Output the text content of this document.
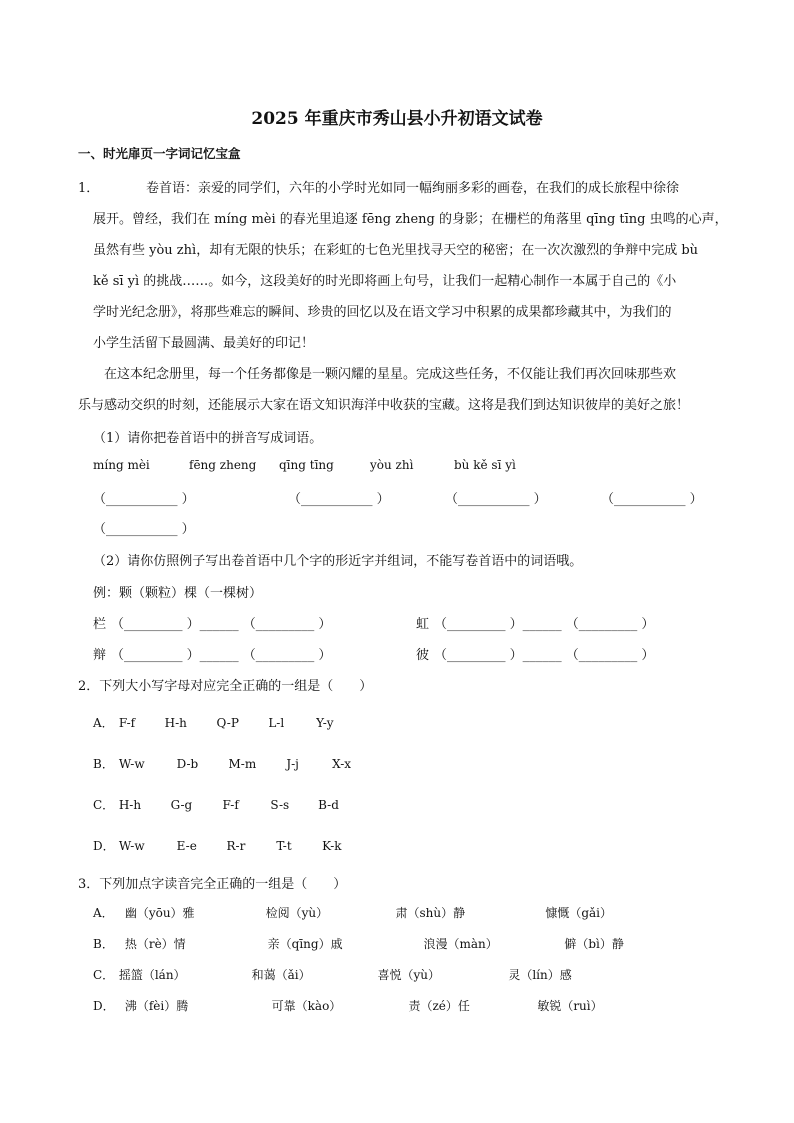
2025 年重庆市秀山县小升初语文试卷
一、时光扉页一字词记忆宝盒
1．	卷首语：亲爱的同学们，六年的小学时光如同一幅绚丽多彩的画卷，在我们的成长旅程中徐徐
展开。曾经，我们在 míng mèi 的春光里追逐 fēng zheng 的身影；在栅栏的角落里 qīng tīng 虫鸣的心声，
虽然有些 yòu zhì，却有无限的快乐；在彩虹的七色光里找寻天空的秘密；在一次次激烈的争辩中完成 bù
kě sī yì 的挑战……。如今，这段美好的时光即将画上句号，让我们一起精心制作一本属于自己的《小
学时光纪念册》，将那些难忘的瞬间、珍贵的回忆以及在语文学习中积累的成果都珍藏其中，为我们的
小学生活留下最圆满、最美好的印记！
在这本纪念册里，每一个任务都像是一颗闪耀的星星。完成这些任务，不仅能让我们再次回味那些欢
乐与感动交织的时刻，还能展示大家在语文知识海洋中收获的宝藏。这将是我们到达知识彼岸的美好之旅！
（1）请你把卷首语中的拼音写成词语。
míng mèi	fēng zheng qīng tīng	yòu zhì	bù kě sī yì
（___________ ）	（___________ ）	（___________ ）	（___________ ）
（___________ ）
（2）请你仿照例子写出卷首语中几个字的形近字并组词，不能写卷首语中的词语哦。
例：颗（颗粒）棵（一棵树）
栏 （_________ ）______ （_________ ）	虹 （_________ ）______ （_________ ）
辩 （_________ ）______ （_________ ）	彼 （_________ ）______ （_________ ）
2．下列大小写字母对应完全正确的一组是（　　）
A． F-f H-h Q-P L-l	Y-y
B． W-w	D-b	M-m	J-j	X-x
C． H-h G-g	F-f	S-s B-d
D． W-w	E-e R-r	T-t	K-k
3．下列加点字读音完全正确的一组是（　　）
A． 幽（yōu）雅	检阅（yù）	肃（shù）静	慷慨（gǎi）
B． 热（rè）情	亲（qīng）戚	浪漫（màn）	僻（bì）静
C． 摇篮（lán）	和蔼（ǎi）	喜悦（yù）	灵（lín）感
D． 沸（fèi）腾	可靠（kào）	责（zé）任	敏锐（ruì）
